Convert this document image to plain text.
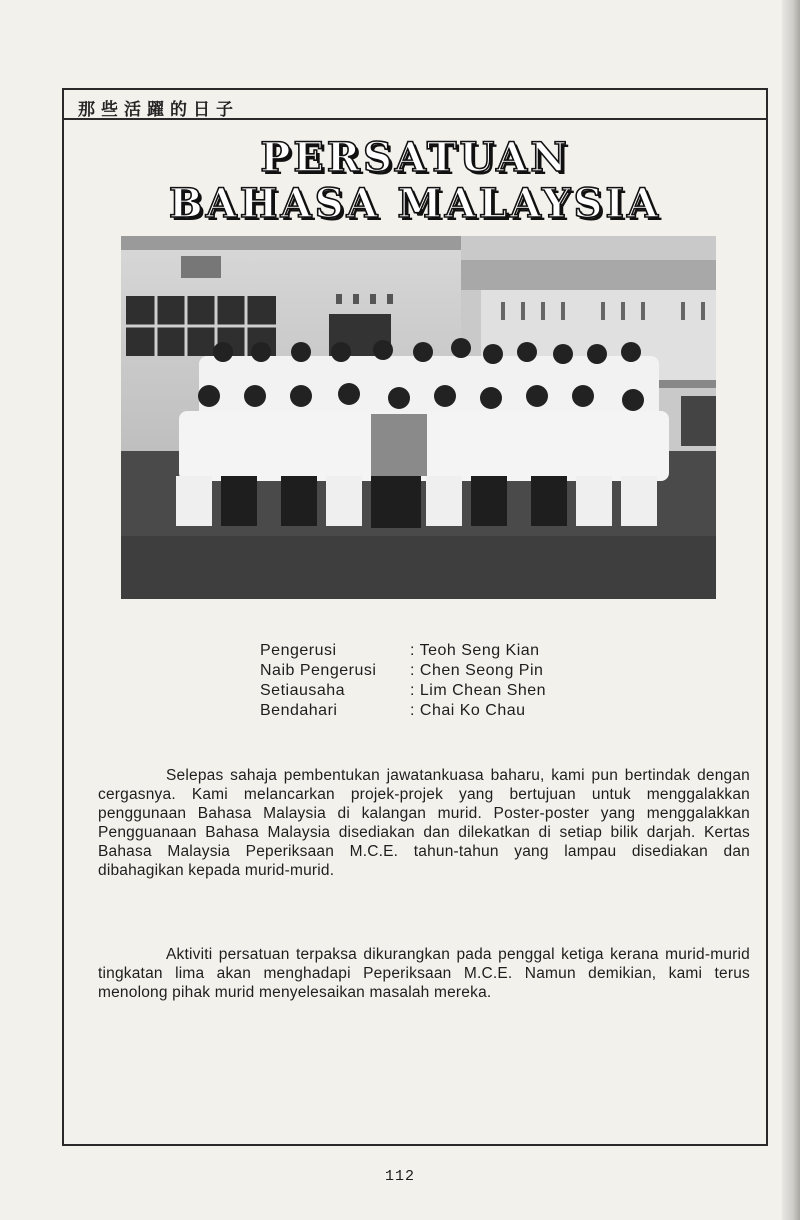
那些活躍的日子
PERSATUAN
BAHASA MALAYSIA
Pengerusi	: Teoh Seng Kian
Naib Pengerusi	: Chen Seong Pin
Setiausaha	: Lim Chean Shen
Bendahari	: Chai Ko Chau

Selepas sahaja pembentukan jawatankuasa baharu, kami pun bertindak dengan cergasnya. Kami melancarkan projek-projek yang bertujuan untuk menggalakkan penggunaan Bahasa Malaysia di kalangan murid. Poster-poster yang menggalakkan Pengguanaan Bahasa Malaysia disediakan dan dilekatkan di setiap bilik darjah. Kertas Bahasa Malaysia Peperiksaan M.C.E. tahun-tahun yang lampau disediakan dan dibahagikan kepada murid-murid.

Aktiviti persatuan terpaksa dikurangkan pada penggal ketiga kerana murid-murid tingkatan lima akan menghadapi Peperiksaan M.C.E. Namun demikian, kami terus menolong pihak murid menyelesaikan masalah mereka.

112
